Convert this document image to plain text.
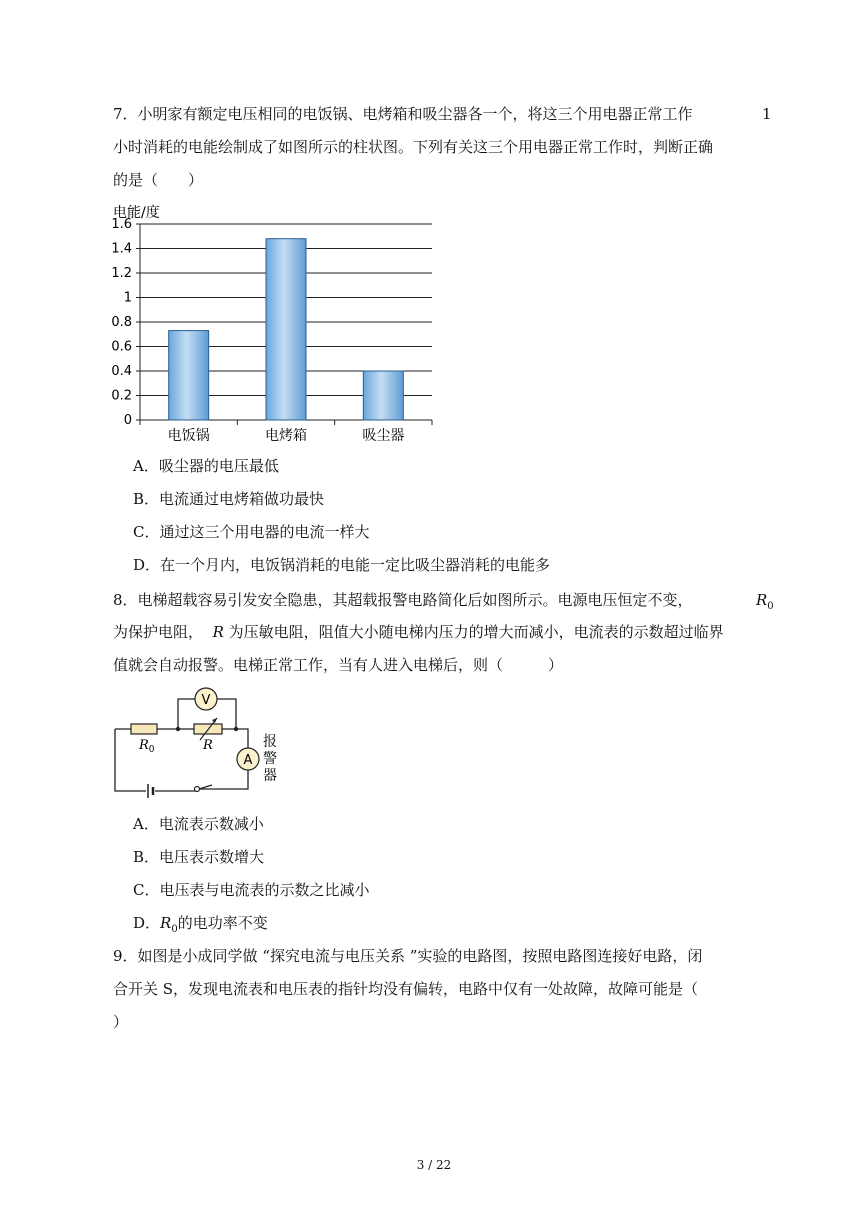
7．小明家有额定电压相同的电饭锅、电烤箱和吸尘器各一个，将这三个用电器正常工作	1
小时消耗的电能绘制成了如图所示的柱状图。下列有关这三个用电器正常工作时，判断正确
的是（　　）
电能/度
0
0.2
0.4
0.6
0.8
1
1.2
1.4
1.6
电饭锅	电烤箱	吸尘器
A．吸尘器的电压最低
B．电流通过电烤箱做功最快
C．通过这三个用电器的电流一样大
D．在一个月内，电饭锅消耗的电能一定比吸尘器消耗的电能多
8．电梯超载容易引发安全隐患，其超载报警电路简化后如图所示。电源电压恒定不变，	$R_0$
为保护电阻， R 为压敏电阻，阻值大小随电梯内压力的增大而减小，电流表的示数超过临界
值就会自动报警。电梯正常工作，当有人进入电梯后，则（　　　）
V
A
$R_0$	R	报
警
器
A．电流表示数减小
B．电压表示数增大
C．电压表与电流表的示数之比减小
D．$R_0$的电功率不变
9．如图是小成同学做 “探究电流与电压关系 ”实验的电路图，按照电路图连接好电路，闭
合开关 S，发现电流表和电压表的指针均没有偏转，电路中仅有一处故障，故障可能是（
）
3 / 22
